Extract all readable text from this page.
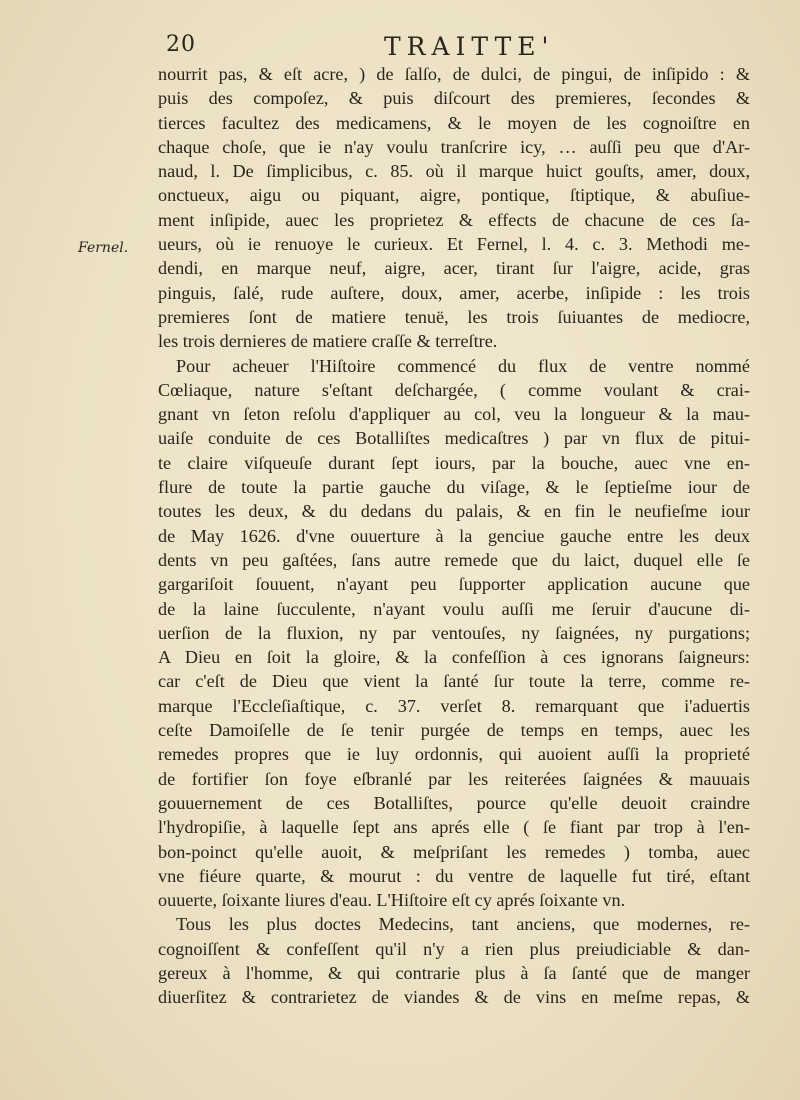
20	TRAITTE'
Fernel.
nourrit pas, & eſt acre, ) de ſalſo, de dulci, de pingui, de inſipido : &
puis des compoſez, & puis diſcourt des premieres, ſecondes &
tierces facultez des medicamens, & le moyen de les cognoiſtre en
chaque choſe, que ie n'ay voulu tranſcrire icy, … auſſi peu que d'Ar-
naud, l. De ſimplicibus, c. 85. où il marque huict gouſts, amer, doux,
onctueux, aigu ou piquant, aigre, pontique, ſtiptique, & abuſiue-
ment inſipide, auec les proprietez & effects de chacune de ces ſa-
ueurs, où ie renuoye le curieux. Et Fernel, l. 4. c. 3. Methodi me-
dendi, en marque neuf, aigre, acer, tirant ſur l'aigre, acide, gras
pinguis, ſalé, rude auſtere, doux, amer, acerbe, inſipide : les trois
premieres ſont de matiere tenuë, les trois ſuiuantes de mediocre,
les trois dernieres de matiere craſſe & terreſtre.
Pour acheuer l'Hiſtoire commencé du flux de ventre nommé
Cœliaque, nature s'eſtant deſchargée, ( comme voulant & crai-
gnant vn ſeton reſolu d'appliquer au col, veu la longueur & la mau-
uaiſe conduite de ces Botalliſtes medicaſtres ) par vn flux de pitui-
te claire viſqueuſe durant ſept iours, par la bouche, auec vne en-
flure de toute la partie gauche du viſage, & le ſeptieſme iour de
toutes les deux, & du dedans du palais, & en fin le neufieſme iour
de May 1626. d'vne ouuerture à la genciue gauche entre les deux
dents vn peu gaſtées, ſans autre remede que du laict, duquel elle ſe
gargariſoit ſouuent, n'ayant peu ſupporter application aucune que
de la laine ſucculente, n'ayant voulu auſſi me ſeruir d'aucune di-
uerſion de la fluxion, ny par ventouſes, ny ſaignées, ny purgations;
A Dieu en ſoit la gloire, & la confeſſion à ces ignorans ſaigneurs:
car c'eſt de Dieu que vient la ſanté ſur toute la terre, comme re-
marque l'Eccleſiaſtique, c. 37. verſet 8. remarquant que i'aduertis
ceſte Damoiſelle de ſe tenir purgée de temps en temps, auec les
remedes propres que ie luy ordonnis, qui auoient auſſi la proprieté
de fortifier ſon foye eſbranlé par les reiterées ſaignées & mauuais
gouuernement de ces Botalliſtes, pource qu'elle deuoit craindre
l'hydropiſie, à laquelle ſept ans aprés elle ( ſe fiant par trop à l'en-
bon-poinct qu'elle auoit, & meſpriſant les remedes ) tomba, auec
vne fiéure quarte, & mourut : du ventre de laquelle fut tiré, eſtant
ouuerte, ſoixante liures d'eau. L'Hiſtoire eſt cy aprés ſoixante vn.
Tous les plus doctes Medecins, tant anciens, que modernes, re-
cognoiſſent & confeſſent qu'il n'y a rien plus preiudiciable & dan-
gereux à l'homme, & qui contrarie plus à ſa ſanté que de manger
diuerſitez & contrarietez de viandes & de vins en meſme repas, &
